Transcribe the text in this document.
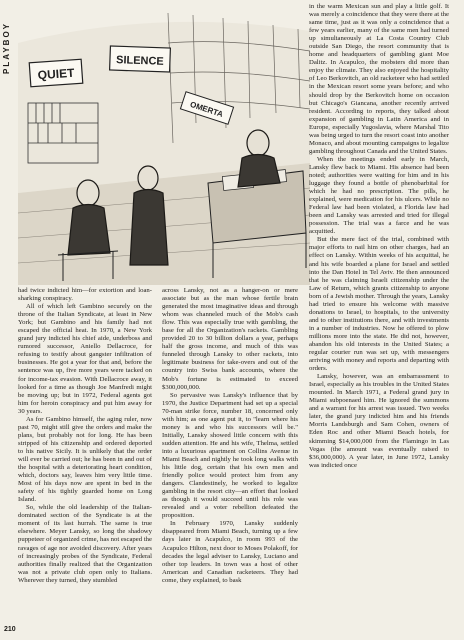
PLAYBOY
QUIET
SILENCE
OMERTA

had twice indicted him—for extortion and loan-sharking conspiracy.

All of which left Gambino securely on the throne of the Italian Syndicate, at least in New York; but Gambino and his family had not escaped the official heat. In 1970, a New York grand jury indicted his chief aide, underboss and rumored successor, Aniello Dellacroce, for refusing to testify about gangster infiltration of businesses. He got a year for that and, before the sentence was up, five more years were tacked on for income-tax evasion. With Dellacroce away, it looked for a time as though Joe Manfredi might be moving up; but in 1972, Federal agents got him for heroin conspiracy and put him away for 30 years.

As for Gambino himself, the aging ruler, now past 70, might still give the orders and make the plans, but probably not for long. He has been stripped of his citizenship and ordered deported to his native Sicily. It is unlikely that the order will ever be carried out; he has been in and out of the hospital with a deteriorating heart condition, which, doctors say, leaves him very little time. Most of his days now are spent in bed in the safety of his tightly guarded home on Long Island.

So, while the old leadership of the Italian-dominated section of the Syndicate is at the moment of its last hurrah. The same is true elsewhere. Meyer Lansky, so long the shadowy puppeteer of organized crime, has not escaped the ravages of age nor avoided discovery. After years of increasingly probes of the Syndicate, Federal authorities finally realized that the Organization was not a private club open only to Italians. Wherever they turned, they stumbled

across Lansky, not as a hanger-on or mere associate but as the man whose fertile brain generated the most imaginative ideas and through whom was channeled much of the Mob's cash flow. This was especially true with gambling, the base for all the Organization's rackets. Gambling provided 20 to 30 billion dollars a year, perhaps half the gross income, and much of this was funneled through Lansky to other rackets, into legitimate business for take-overs and out of the country into Swiss bank accounts, where the Mob's fortune is estimated to exceed $300,000,000.

So pervasive was Lansky's influence that by 1970, the Justice Department had set up a special 70-man strike force, number 18, concerned only with him; as one agent put it, to "learn where his money is and who his successors will be." Initially, Lansky showed little concern with this sudden attention. He and his wife, Thelma, settled into a luxurious apartment on Collins Avenue in Miami Beach and nightly he took long walks with his little dog, certain that his own men and friendly police would protect him from any dangers. Clandestinely, he worked to legalize gambling in the resort city—an effort that looked as though it would succeed until his role was revealed and a voter rebellion defeated the proposition.

In February 1970, Lansky suddenly disappeared from Miami Beach, turning up a few days later in Acapulco, in room 993 of the Acapulco Hilton, next door to Moses Polakoff, for decades the legal adviser to Lansky, Luciano and other top leaders. In town was a host of other American and Canadian racketeers. They had come, they explained, to bask

in the warm Mexican sun and play a little golf. It was merely a coincidence that they were there at the same time, just as it was only a coincidence that a few years earlier, many of the same men had turned up simultaneously at La Costa Country Club outside San Diego, the resort community that is home and headquarters of gambling giant Moe Dalitz. In Acapulco, the mobsters did more than enjoy the climate. They also enjoyed the hospitality of Leo Berkovitch, an old racketeer who had settled in the Mexican resort some years before; and who should drop by the Berkovitch home on occasion but Chicago's Giancana, another recently arrived resident. According to reports, they talked about expansion of gambling in Latin America and in Europe, especially Yugoslavia, where Marshal Tito was being urged to turn the resort coast into another Monaco, and about mounting campaigns to legalize gambling throughout Canada and the United States.

When the meetings ended early in March, Lansky flew back to Miami. His absence had been noted; authorities were waiting for him and in his luggage they found a bottle of phenobarbital for which he had no prescription. The pills, he explained, were medication for his ulcers. While no Federal law had been violated, a Florida law had been and Lansky was arrested and tried for illegal possession. The trial was a farce and he was acquitted.

But the mere fact of the trial, combined with major efforts to nail him on other charges, had an effect on Lansky. Within weeks of his acquittal, he and his wife boarded a plane for Israel and settled into the Dan Hotel in Tel Aviv. He then announced that he was claiming Israeli citizenship under the Law of Return, which grants citizenship to anyone born of a Jewish mother. Through the years, Lansky had tried to ensure his welcome with massive donations to Israel, to hospitals, to the university and to other institutions there, and with investments in a number of industries. Now he offered to plow millions more into the state. He did not, however, abandon his old interests in the United States; a regular courier run was set up, with messengers arriving with money and reports and departing with orders.

Lansky, however, was an embarrassment to Israel, especially as his troubles in the United States mounted. In March 1971, a Federal grand jury in Miami subpoenaed him. He ignored the summons and a warrant for his arrest was issued. Two weeks later, the grand jury indicted him and his friends Morris Landsburgh and Sam Cohen, owners of Eden Roc and other Miami Beach hotels, for skimming $14,000,000 from the Flamingo in Las Vegas (the amount was eventually raised to $36,000,000). A year later, in June 1972, Lansky was indicted once

210
